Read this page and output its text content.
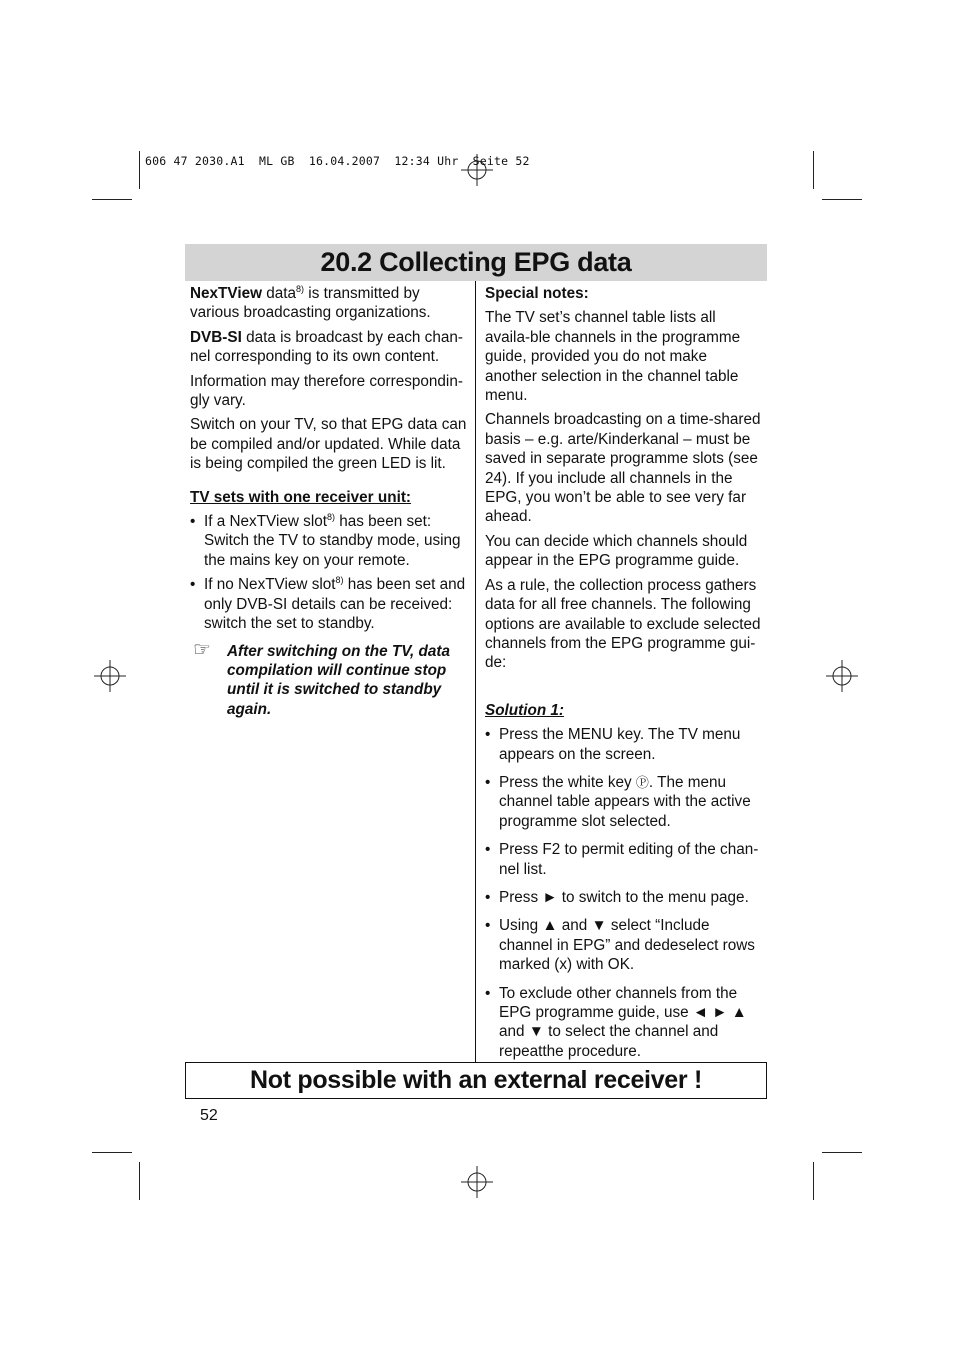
606 47 2030.A1  ML GB  16.04.2007  12:34 Uhr  Seite 52
20.2 Collecting EPG data

NexTView data$^{8)}$ is transmitted by various broadcasting organizations.

DVB-SI data is broadcast by each chan-nel corresponding to its own content.

Information may therefore correspondin-gly vary.

Switch on your TV, so that EPG data can be compiled and/or updated. While data is being compiled the green LED is lit.

TV sets with one receiver unit:

• If a NexTView slot$^{8)}$ has been set: Switch the TV to standby mode, using the mains key on your remote.
• If no NexTView slot$^{8)}$ has been set and only DVB-SI details can be received: switch the set to standby.
☞ After switching on the TV, data compilation will continue stop until it is switched to standby again.

Special notes:

The TV set’s channel table lists all availa-ble channels in the programme guide, provided you do not make another selection in the channel table menu.

Channels broadcasting on a time-shared basis – e.g. arte/Kinderkanal – must be saved in separate programme slots (see 24). If you include all channels in the EPG, you won’t be able to see very far ahead.

You can decide which channels should appear in the EPG programme guide.

As a rule, the collection process gathers data for all free channels. The following options are available to exclude selected channels from the EPG programme gui-de:

Solution 1:

• Press the MENU key. The TV menu appears on the screen.
• Press the white key Ⓟ. The menu channel table appears with the active programme slot selected.
• Press F2 to permit editing of the chan-nel list.
• Press ► to switch to the menu page.
• Using ▲ and ▼ select “Include channel in EPG” and dedeselect rows marked (x) with OK.
• To exclude other channels from the EPG programme guide, use ◄ ► ▲ and ▼ to select the channel and repeatthe procedure.
Not possible with an external receiver !
52
